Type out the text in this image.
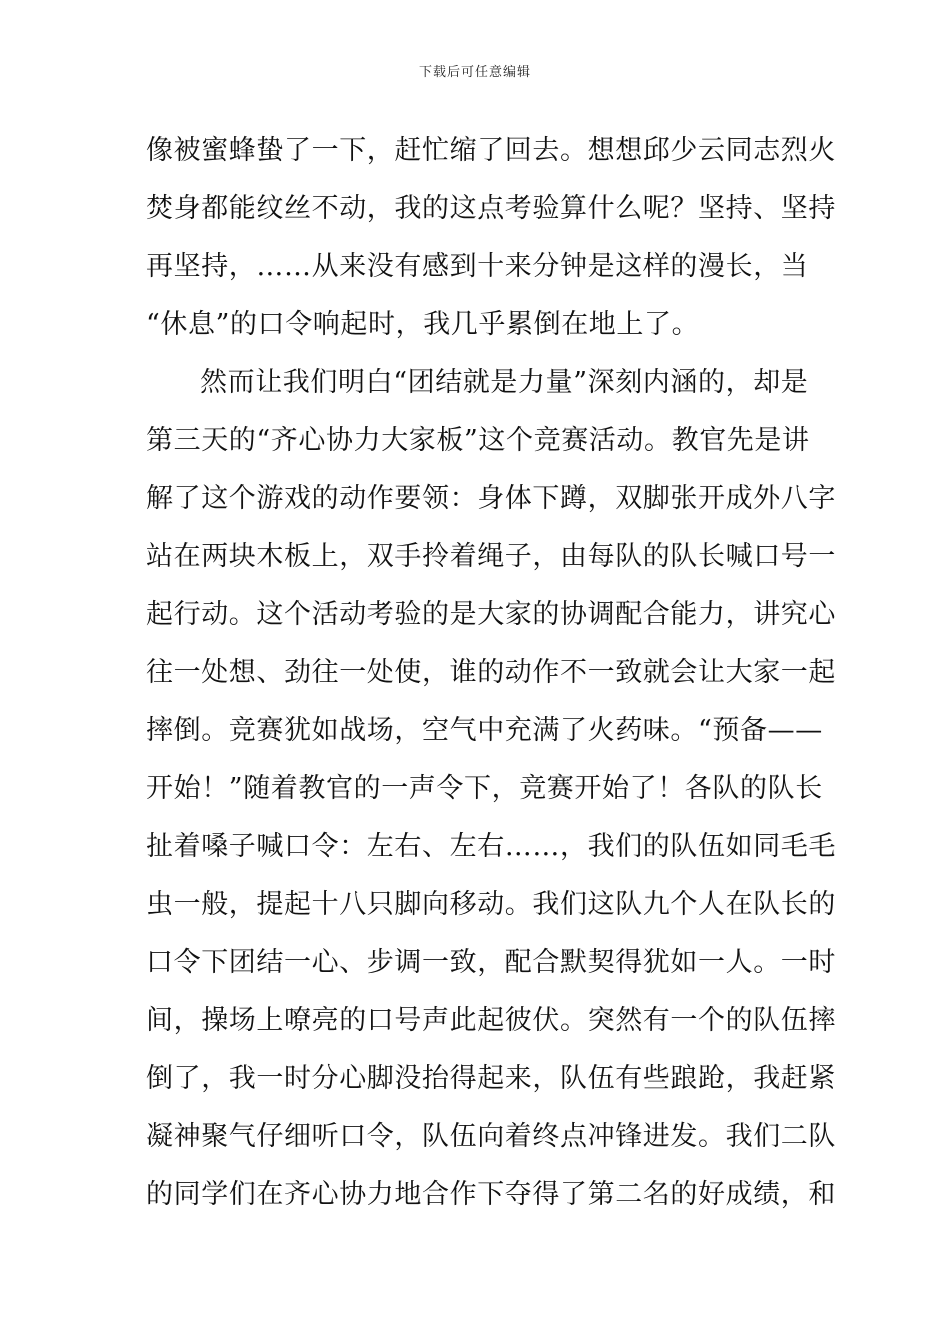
下载后可任意编辑
像被蜜蜂蛰了一下，赶忙缩了回去。想想邱少云同志烈火
焚身都能纹丝不动，我的这点考验算什么呢？坚持、坚持
再坚持，……从来没有感到十来分钟是这样的漫长，当
“休息”的口令响起时，我几乎累倒在地上了。
然而让我们明白“团结就是力量”深刻内涵的，却是
第三天的“齐心协力大家板”这个竞赛活动。教官先是讲
解了这个游戏的动作要领：身体下蹲，双脚张开成外八字
站在两块木板上，双手拎着绳子，由每队的队长喊口号一
起行动。这个活动考验的是大家的协调配合能力，讲究心
往一处想、劲往一处使，谁的动作不一致就会让大家一起
摔倒。竞赛犹如战场，空气中充满了火药味。“预备——
开始！”随着教官的一声令下，竞赛开始了！各队的队长
扯着嗓子喊口令：左右、左右……，我们的队伍如同毛毛
虫一般，提起十八只脚向移动。我们这队九个人在队长的
口令下团结一心、步调一致，配合默契得犹如一人。一时
间，操场上嘹亮的口号声此起彼伏。突然有一个的队伍摔
倒了，我一时分心脚没抬得起来，队伍有些踉跄，我赶紧
凝神聚气仔细听口令，队伍向着终点冲锋进发。我们二队
的同学们在齐心协力地合作下夺得了第二名的好成绩，和
